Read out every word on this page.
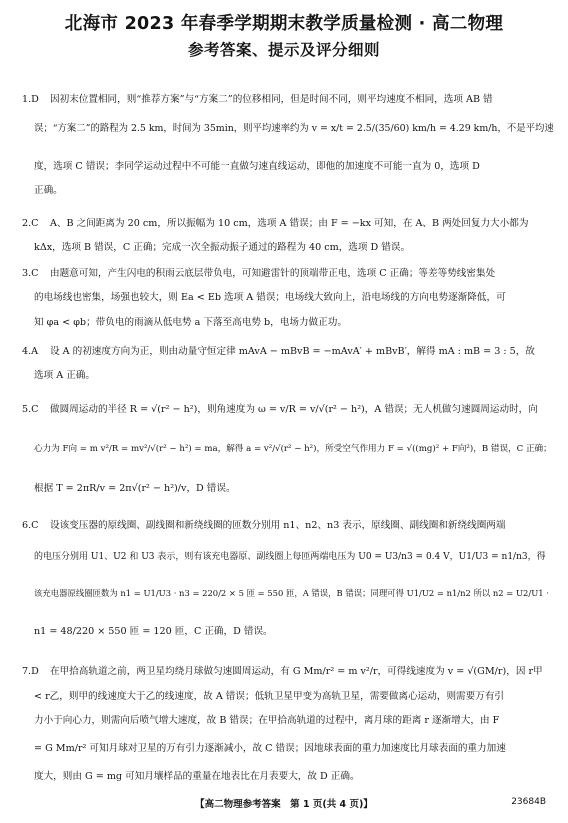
北海市 2023 年春季学期期末教学质量检测 · 高二物理
参考答案、提示及评分细则
1.D 因初末位置相同，则“推荐方案”与“方案二”的位移相同，但是时间不同，则平均速度不相同，选项 AB 错
误；“方案二”的路程为 2.5 km，时间为 35min，则平均速率约为 v = x/t = 2.5/(35/60) km/h = 4.29 km/h，不是平均速
度，选项 C 错误；李同学运动过程中不可能一直做匀速直线运动，即他的加速度不可能一直为 0，选项 D
正确。
2.C A、B 之间距离为 20 cm，所以振幅为 10 cm，选项 A 错误；由 F = −kx 可知，在 A、B 两处回复力大小都为
kΔx，选项 B 错误，C 正确；完成一次全振动振子通过的路程为 40 cm，选项 D 错误。
3.C 由题意可知，产生闪电的积雨云底层带负电，可知避雷针的顶端带正电，选项 C 正确；等差等势线密集处
的电场线也密集，场强也较大，则 Ea < Eb 选项 A 错误；电场线大致向上，沿电场线的方向电势逐渐降低，可
知 φa < φb；带负电的雨滴从低电势 a 下落至高电势 b，电场力做正功。
4.A 设 A 的初速度方向为正，则由动量守恒定律 mAvA − mBvB = −mAvA′ + mBvB′，解得 mA : mB = 3 : 5，故
选项 A 正确。
5.C 做圆周运动的半径 R = √(r² − h²)，则角速度为 ω = v/R = v/√(r² − h²)，A 错误；无人机做匀速圆周运动时，向
心力为 F向 = m v²/R = mv²/√(r² − h²) = ma，解得 a = v²/√(r² − h²)，所受空气作用力 F = √((mg)² + F向²)，B 错误，C 正确；
根据 T = 2πR/v = 2π√(r² − h²)/v，D 错误。
6.C 设该变压器的原线圈、副线圈和新绕线圈的匝数分别用 n1、n2、n3 表示，原线圈、副线圈和新绕线圈两端
的电压分别用 U1、U2 和 U3 表示，则有该充电器原、副线圈上每匝两端电压为 U0 = U3/n3 = 0.4 V，U1/U3 = n1/n3，得
该充电器原线圈匝数为 n1 = U1/U3 · n3 = 220/2 × 5 匝 = 550 匝，A 错误，B 错误；同理可得 U1/U2 = n1/n2 所以 n2 = U2/U1 ·
n1 = 48/220 × 550 匝 = 120 匝，C 正确，D 错误。
7.D 在甲拾高轨道之前，两卫星均绕月球做匀速圆周运动，有 G Mm/r² = m v²/r，可得线速度为 v = √(GM/r)，因 r甲
< r乙，则甲的线速度大于乙的线速度，故 A 错误；低轨卫星甲变为高轨卫星，需要做离心运动，则需要万有引
力小于向心力，则需向后喷气增大速度，故 B 错误；在甲拾高轨道的过程中，离月球的距离 r 逐渐增大，由 F
= G Mm/r² 可知月球对卫星的万有引力逐渐减小，故 C 错误；因地球表面的重力加速度比月球表面的重力加速
度大，则由 G = mg 可知月壤样品的重量在地表比在月表要大，故 D 正确。
【高二物理参考答案　第 1 页(共 4 页)】	23684B
